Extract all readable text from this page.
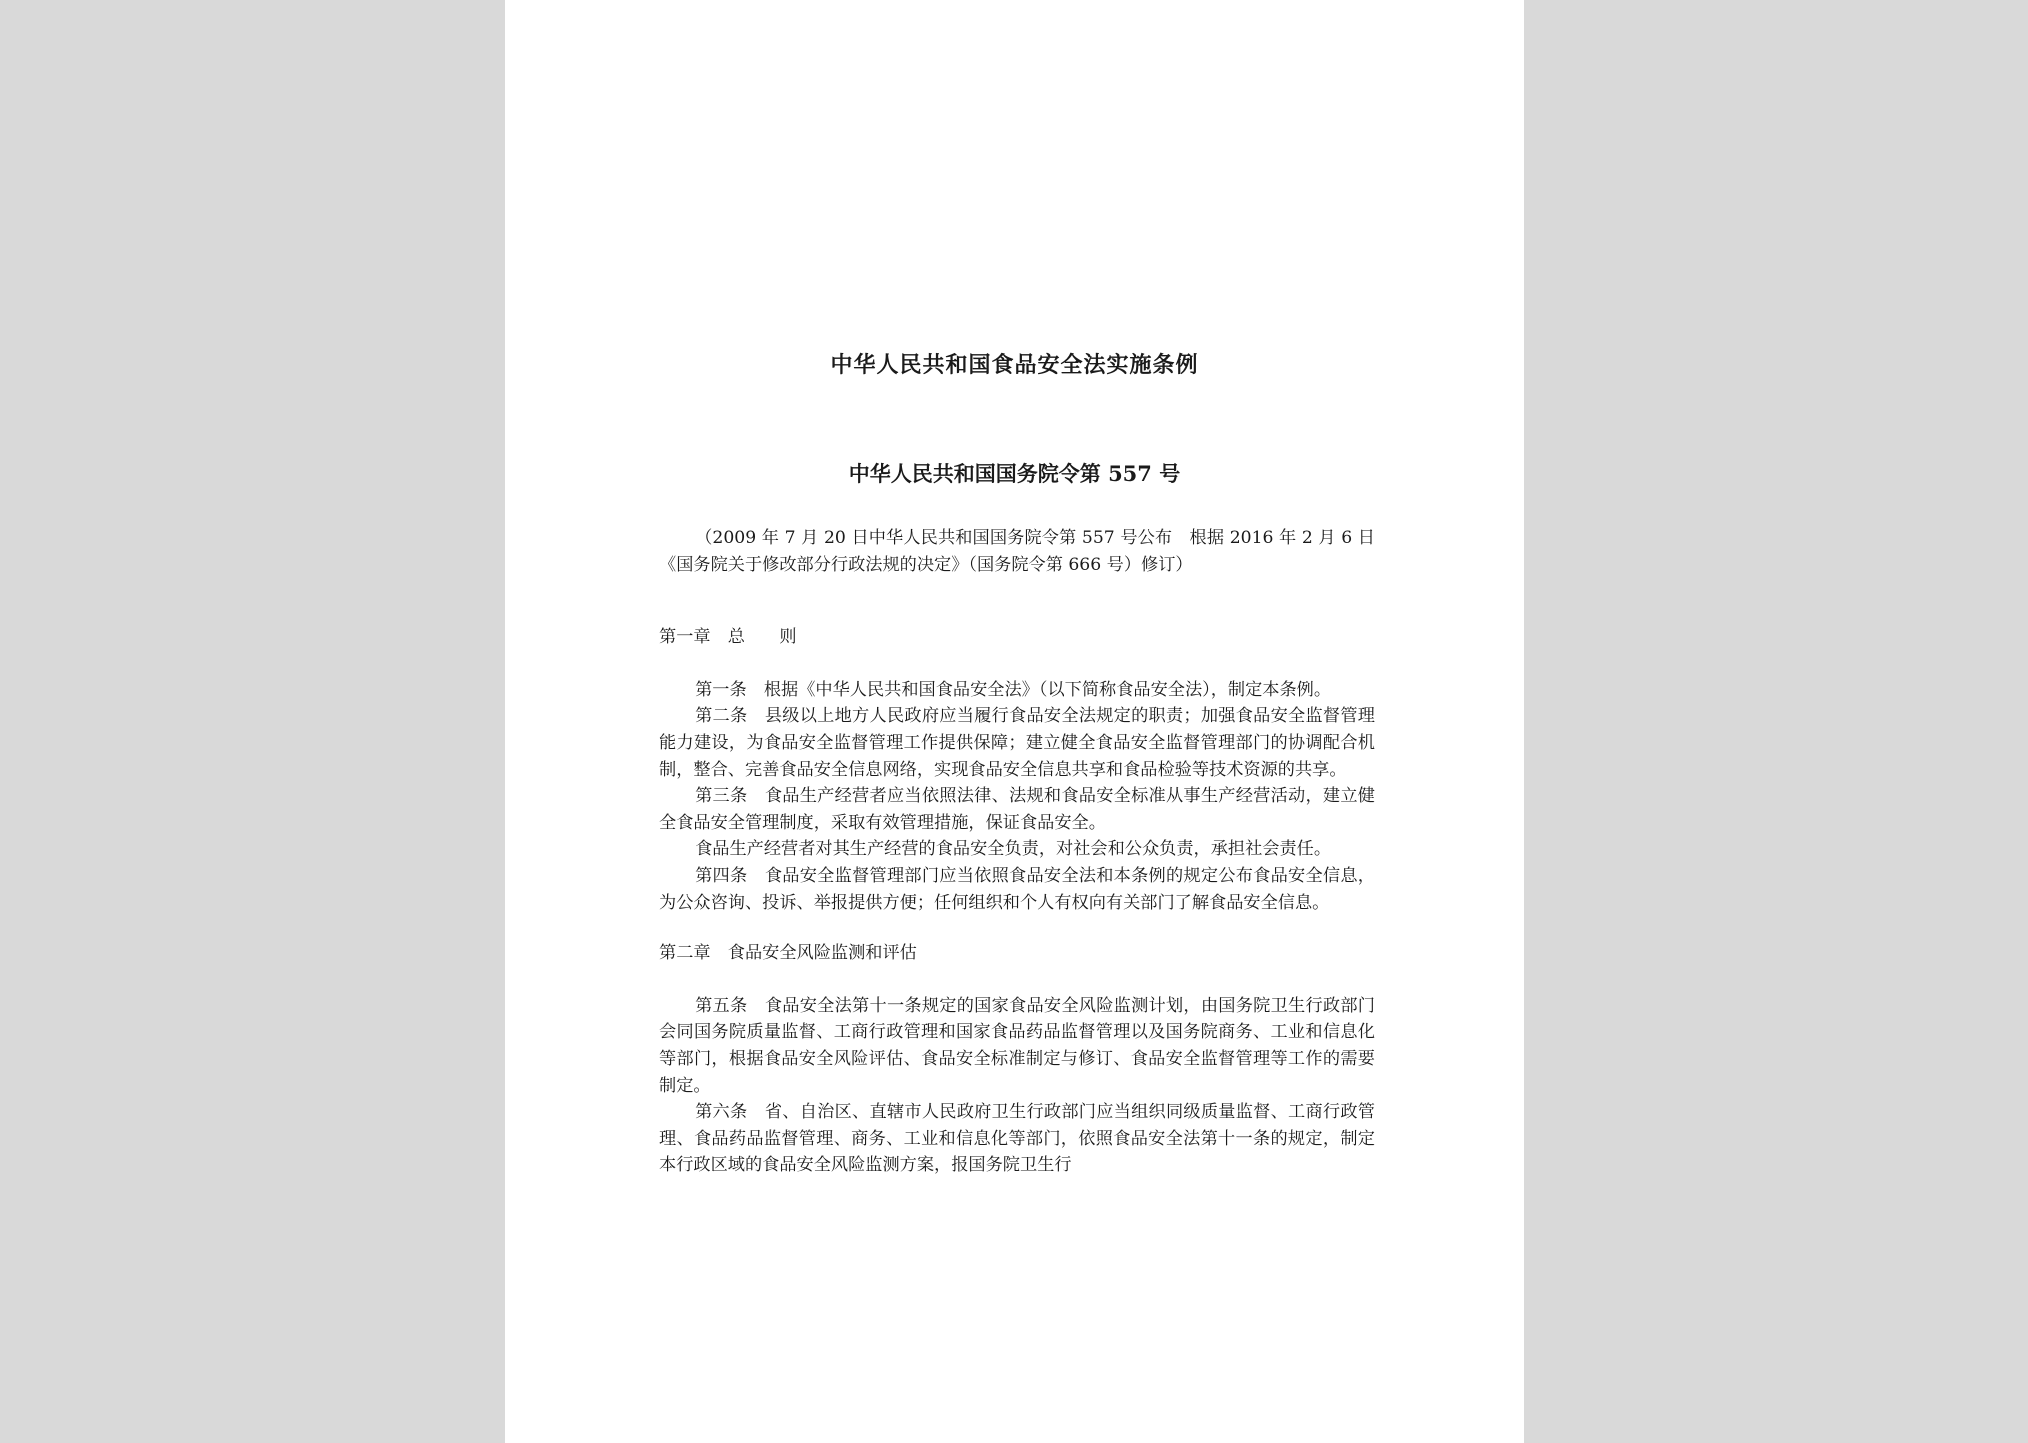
中华人民共和国食品安全法实施条例
中华人民共和国国务院令第 557 号

（2009 年 7 月 20 日中华人民共和国国务院令第 557 号公布　根据 2016 年 2 月 6 日《国务院关于修改部分行政法规的决定》（国务院令第 666 号）修订）

第一章　总　　则

第一条　根据《中华人民共和国食品安全法》（以下简称食品安全法），制定本条例。

第二条　县级以上地方人民政府应当履行食品安全法规定的职责；加强食品安全监督管理能力建设，为食品安全监督管理工作提供保障；建立健全食品安全监督管理部门的协调配合机制，整合、完善食品安全信息网络，实现食品安全信息共享和食品检验等技术资源的共享。

第三条　食品生产经营者应当依照法律、法规和食品安全标准从事生产经营活动，建立健全食品安全管理制度，采取有效管理措施，保证食品安全。

食品生产经营者对其生产经营的食品安全负责，对社会和公众负责，承担社会责任。

第四条　食品安全监督管理部门应当依照食品安全法和本条例的规定公布食品安全信息，为公众咨询、投诉、举报提供方便；任何组织和个人有权向有关部门了解食品安全信息。

第二章　食品安全风险监测和评估

第五条　食品安全法第十一条规定的国家食品安全风险监测计划，由国务院卫生行政部门会同国务院质量监督、工商行政管理和国家食品药品监督管理以及国务院商务、工业和信息化等部门，根据食品安全风险评估、食品安全标准制定与修订、食品安全监督管理等工作的需要制定。

第六条　省、自治区、直辖市人民政府卫生行政部门应当组织同级质量监督、工商行政管理、食品药品监督管理、商务、工业和信息化等部门，依照食品安全法第十一条的规定，制定本行政区域的食品安全风险监测方案，报国务院卫生行
